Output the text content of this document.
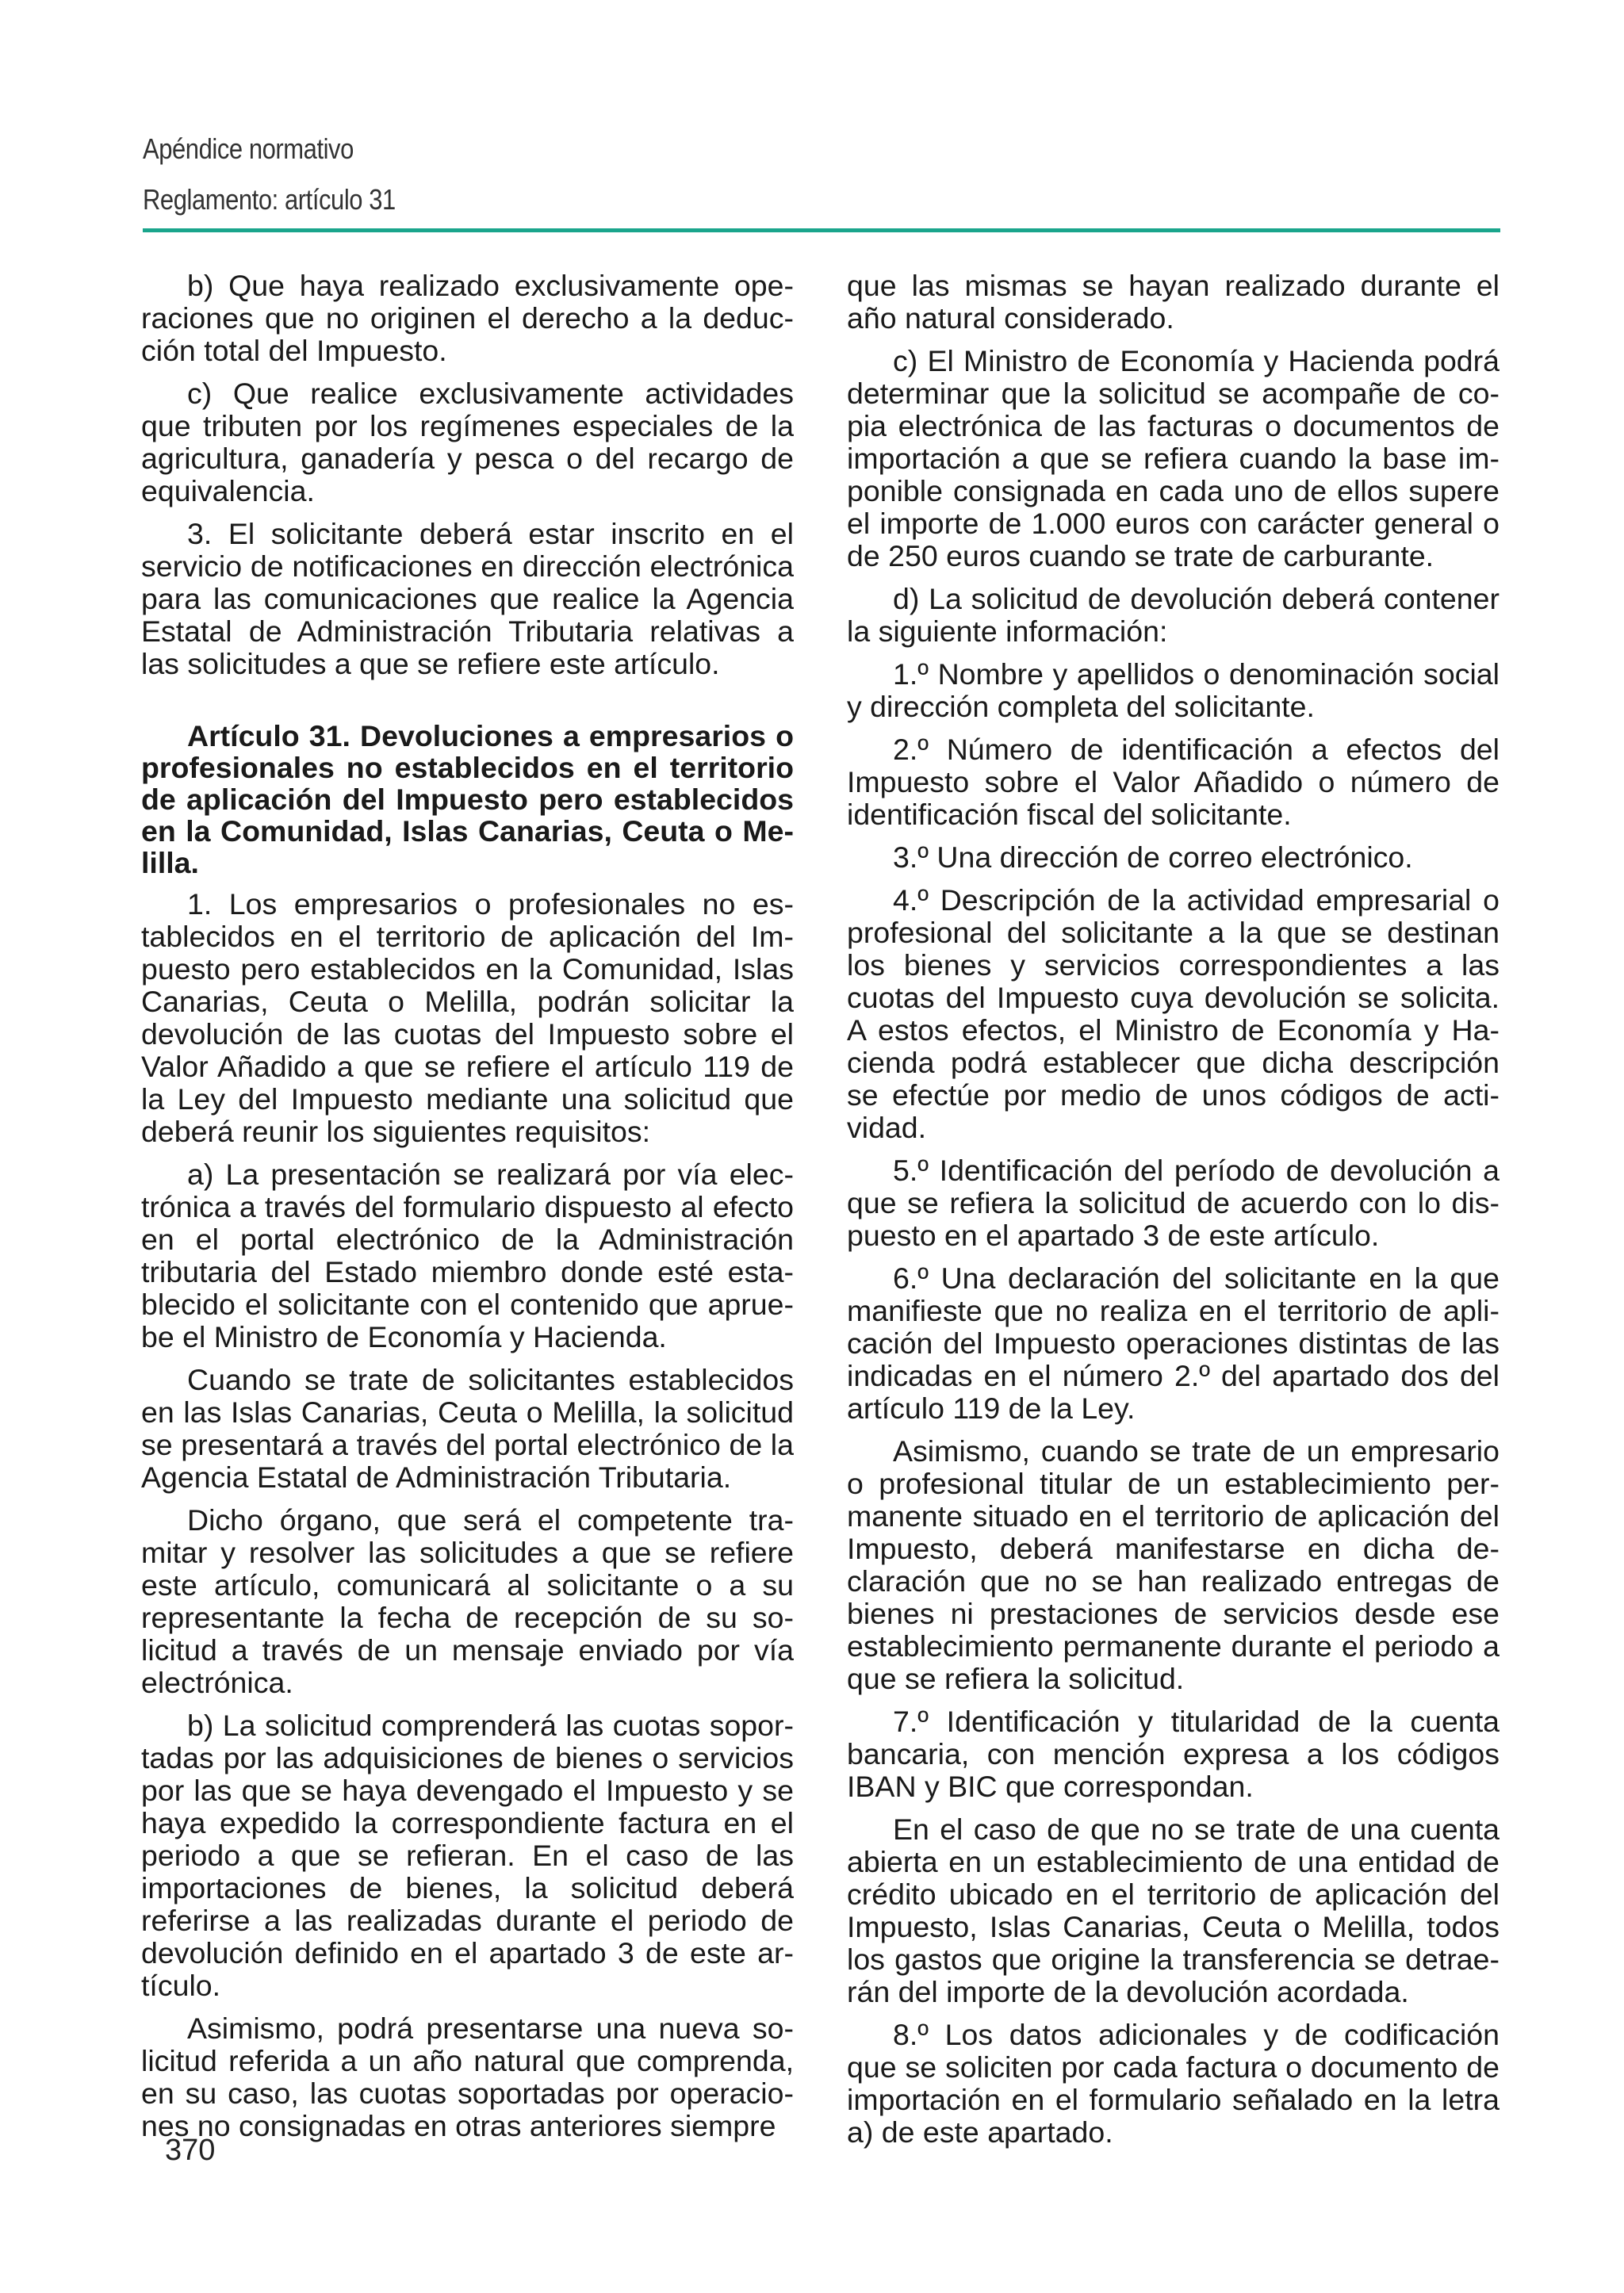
Apéndice normativo
Reglamento: artículo 31

b) Que haya realizado exclusivamente operaciones que no originen el derecho a la deducción total del Impuesto.

c) Que realice exclusivamente actividades que tributen por los regímenes especiales de la agricultura, ganadería y pesca o del recargo de equivalencia.

3. El solicitante deberá estar inscrito en el servicio de notificaciones en dirección electrónica para las comunicaciones que realice la Agencia Estatal de Administración Tributaria relativas a las solicitudes a que se refiere este artículo.

Artículo 31. Devoluciones a empresarios o profesionales no establecidos en el territorio de aplicación del Impuesto pero establecidos en la Comunidad, Islas Canarias, Ceuta o Melilla.

1. Los empresarios o profesionales no establecidos en el territorio de aplicación del Impuesto pero establecidos en la Comunidad, Islas Canarias, Ceuta o Melilla, podrán solicitar la devolución de las cuotas del Impuesto sobre el Valor Añadido a que se refiere el artículo 119 de la Ley del Impuesto mediante una solicitud que deberá reunir los siguientes requisitos:

a) La presentación se realizará por vía electrónica a través del formulario dispuesto al efecto en el portal electrónico de la Administración tributaria del Estado miembro donde esté establecido el solicitante con el contenido que apruebe el Ministro de Economía y Hacienda.

Cuando se trate de solicitantes establecidos en las Islas Canarias, Ceuta o Melilla, la solicitud se presentará a través del portal electrónico de la Agencia Estatal de Administración Tributaria.

Dicho órgano, que será el competente tramitar y resolver las solicitudes a que se refiere este artículo, comunicará al solicitante o a su representante la fecha de recepción de su solicitud a través de un mensaje enviado por vía electrónica.

b) La solicitud comprenderá las cuotas soportadas por las adquisiciones de bienes o servicios por las que se haya devengado el Impuesto y se haya expedido la correspondiente factura en el periodo a que se refieran. En el caso de las importaciones de bienes, la solicitud deberá referirse a las realizadas durante el periodo de devolución definido en el apartado 3 de este artículo.

Asimismo, podrá presentarse una nueva solicitud referida a un año natural que comprenda, en su caso, las cuotas soportadas por operaciones no consignadas en otras anteriores siempre

que las mismas se hayan realizado durante el año natural considerado.

c) El Ministro de Economía y Hacienda podrá determinar que la solicitud se acompañe de copia electrónica de las facturas o documentos de importación a que se refiera cuando la base imponible consignada en cada uno de ellos supere el importe de 1.000 euros con carácter general o de 250 euros cuando se trate de carburante.

d) La solicitud de devolución deberá contener la siguiente información:

1.º Nombre y apellidos o denominación social y dirección completa del solicitante.

2.º Número de identificación a efectos del Impuesto sobre el Valor Añadido o número de identificación fiscal del solicitante.

3.º Una dirección de correo electrónico.

4.º Descripción de la actividad empresarial o profesional del solicitante a la que se destinan los bienes y servicios correspondientes a las cuotas del Impuesto cuya devolución se solicita. A estos efectos, el Ministro de Economía y Hacienda podrá establecer que dicha descripción se efectúe por medio de unos códigos de actividad.

5.º Identificación del período de devolución a que se refiera la solicitud de acuerdo con lo dispuesto en el apartado 3 de este artículo.

6.º Una declaración del solicitante en la que manifieste que no realiza en el territorio de aplicación del Impuesto operaciones distintas de las indicadas en el número 2.º del apartado dos del artículo 119 de la Ley.

Asimismo, cuando se trate de un empresario o profesional titular de un establecimiento permanente situado en el territorio de aplicación del Impuesto, deberá manifestarse en dicha declaración que no se han realizado entregas de bienes ni prestaciones de servicios desde ese establecimiento permanente durante el periodo a que se refiera la solicitud.

7.º Identificación y titularidad de la cuenta bancaria, con mención expresa a los códigos IBAN y BIC que correspondan.

En el caso de que no se trate de una cuenta abierta en un establecimiento de una entidad de crédito ubicado en el territorio de aplicación del Impuesto, Islas Canarias, Ceuta o Melilla, todos los gastos que origine la transferencia se detraerán del importe de la devolución acordada.

8.º Los datos adicionales y de codificación que se soliciten por cada factura o documento de importación en el formulario señalado en la letra a) de este apartado.

370
